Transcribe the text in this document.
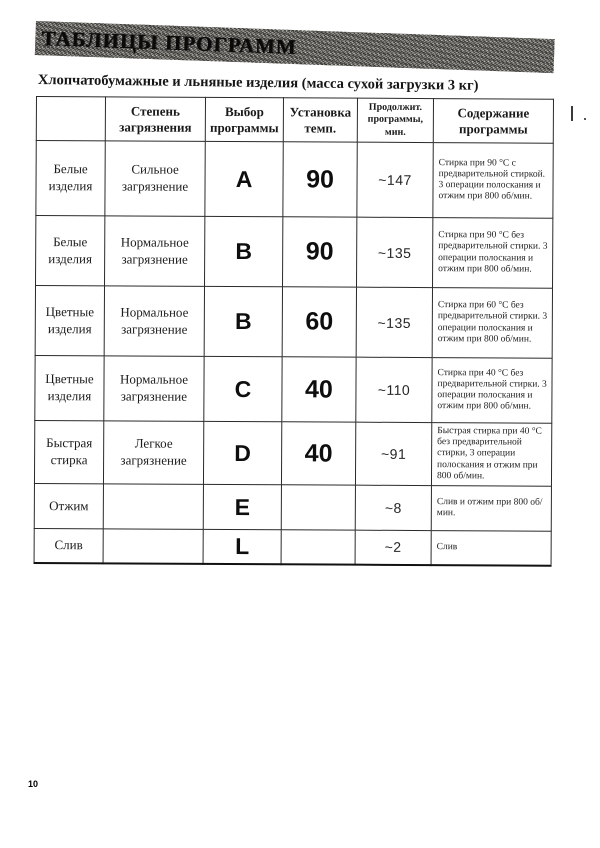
ТАБЛИЦЫ ПРОГРАММ
Хлопчатобумажные и льняные изделия (масса сухой загрузки 3 кг)
	Степень загрязнения	Выбор программы	Установка темп.	Продолжит. программы, мин.	Содержание программы
Белые изделия	Сильное загрязнение	A	90	~147	Стирка при 90 °C с предварительной стиркой. 3 операции полоскания и отжим при 800 об/мин.
Белые изделия	Нормальное загрязнение	B	90	~135	Стирка при 90 °C без предварительной стирки. 3 операции полоскания и отжим при 800 об/мин.
Цветные изделия	Нормальное загрязнение	B	60	~135	Стирка при 60 °C без предварительной стирки. 3 операции полоскания и отжим при 800 об/мин.
Цветные изделия	Нормальное загрязнение	C	40	~110	Стирка при 40 °C без предварительной стирки. 3 операции полоскания и отжим при 800 об/мин.
Быстрая стирка	Легкое загрязнение	D	40	~91	Быстрая стирка при 40 °C без предварительной стирки, 3 операции полоскания и отжим при 800 об/мин.
Отжим		E		~8	Слив и отжим при 800 об/мин.
Слив		L		~2	Слив
10
